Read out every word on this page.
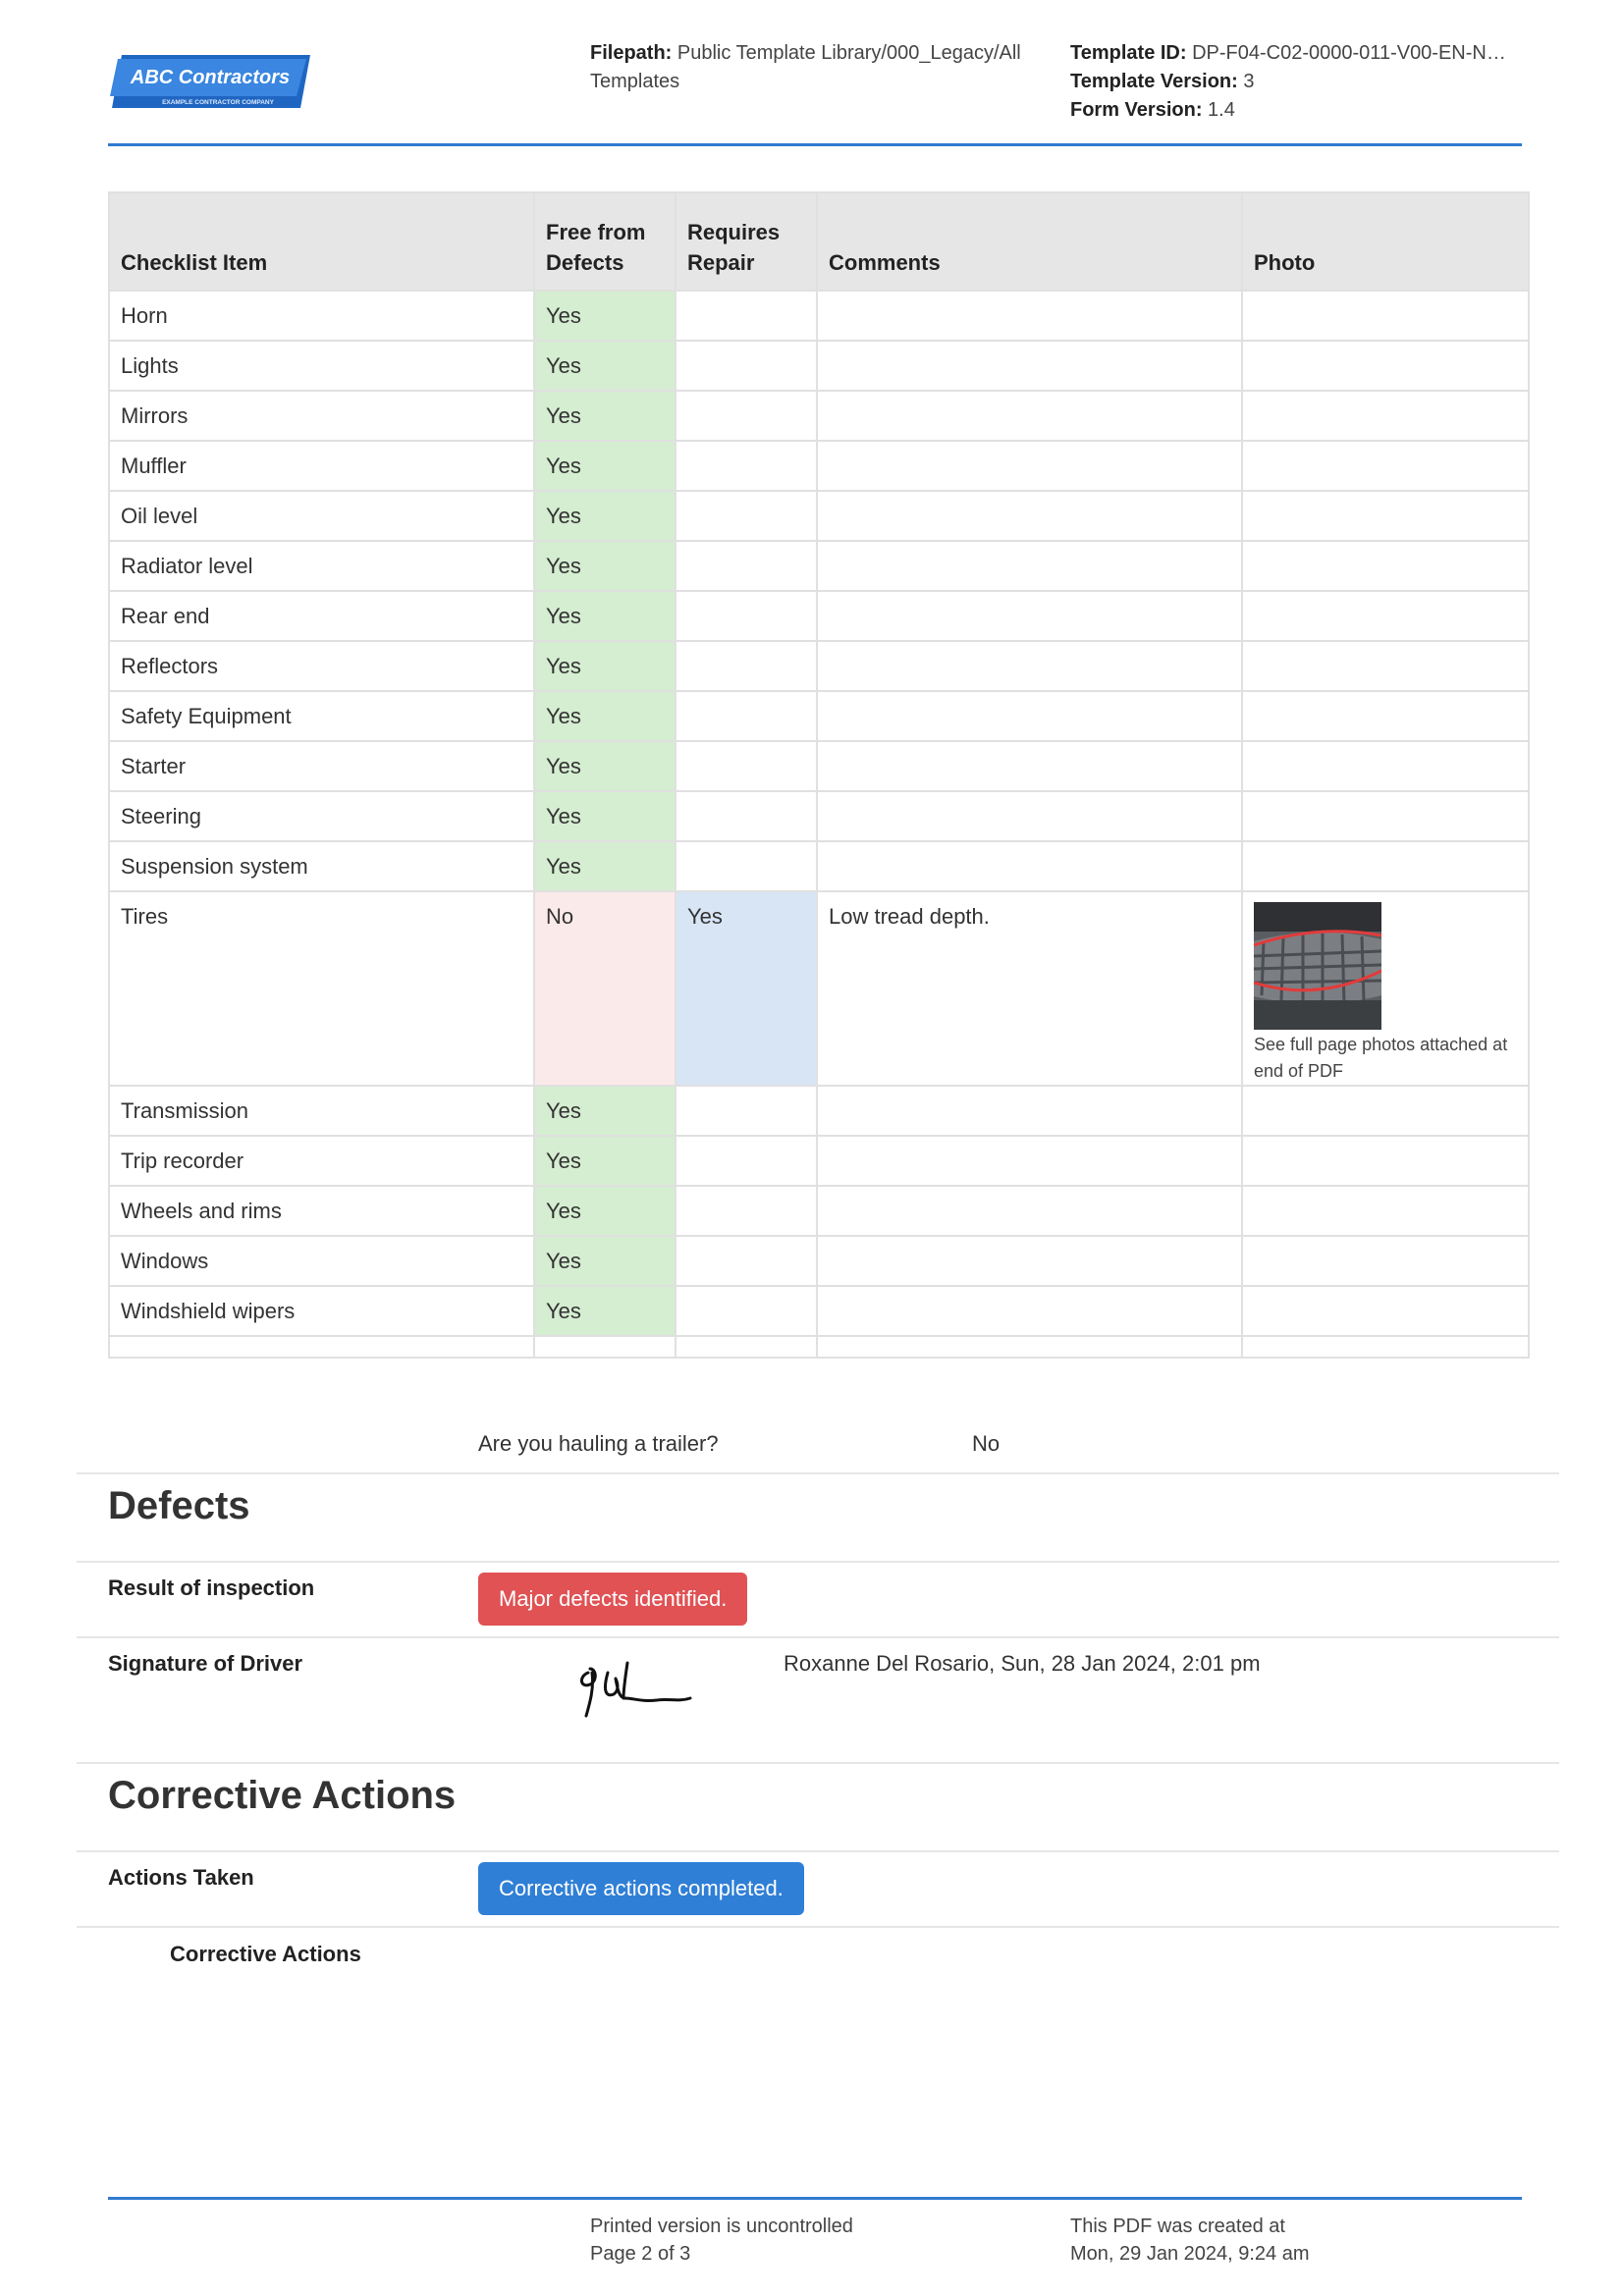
ABC Contractors
EXAMPLE CONTRACTOR COMPANY
Filepath: Public Template Library/000_Legacy/All Templates
Template ID: DP-F04-C02-0000-011-V00-EN-N…
Template Version: 3
Form Version: 1.4
Checklist Item	Free from Defects	Requires Repair	Comments	Photo
Horn	Yes			
Lights	Yes			
Mirrors	Yes			
Muffler	Yes			
Oil level	Yes			
Radiator level	Yes			
Rear end	Yes			
Reflectors	Yes			
Safety Equipment	Yes			
Starter	Yes			
Steering	Yes			
Suspension system	Yes			
Tires	No	Yes	Low tread depth.	See full page photos attached at end of PDF

Transmission	Yes			
Trip recorder	Yes			
Wheels and rims	Yes			
Windows	Yes			
Windshield wipers	Yes			

Are you hauling a trailer?	No
Defects
Result of inspection	Major defects identified.
Signature of Driver	Roxanne Del Rosario, Sun, 28 Jan 2024, 2:01 pm
Corrective Actions
Actions Taken	Corrective actions completed.
Corrective Actions
Printed version is uncontrolled
Page 2 of 3
This PDF was created at
Mon, 29 Jan 2024, 9:24 am
